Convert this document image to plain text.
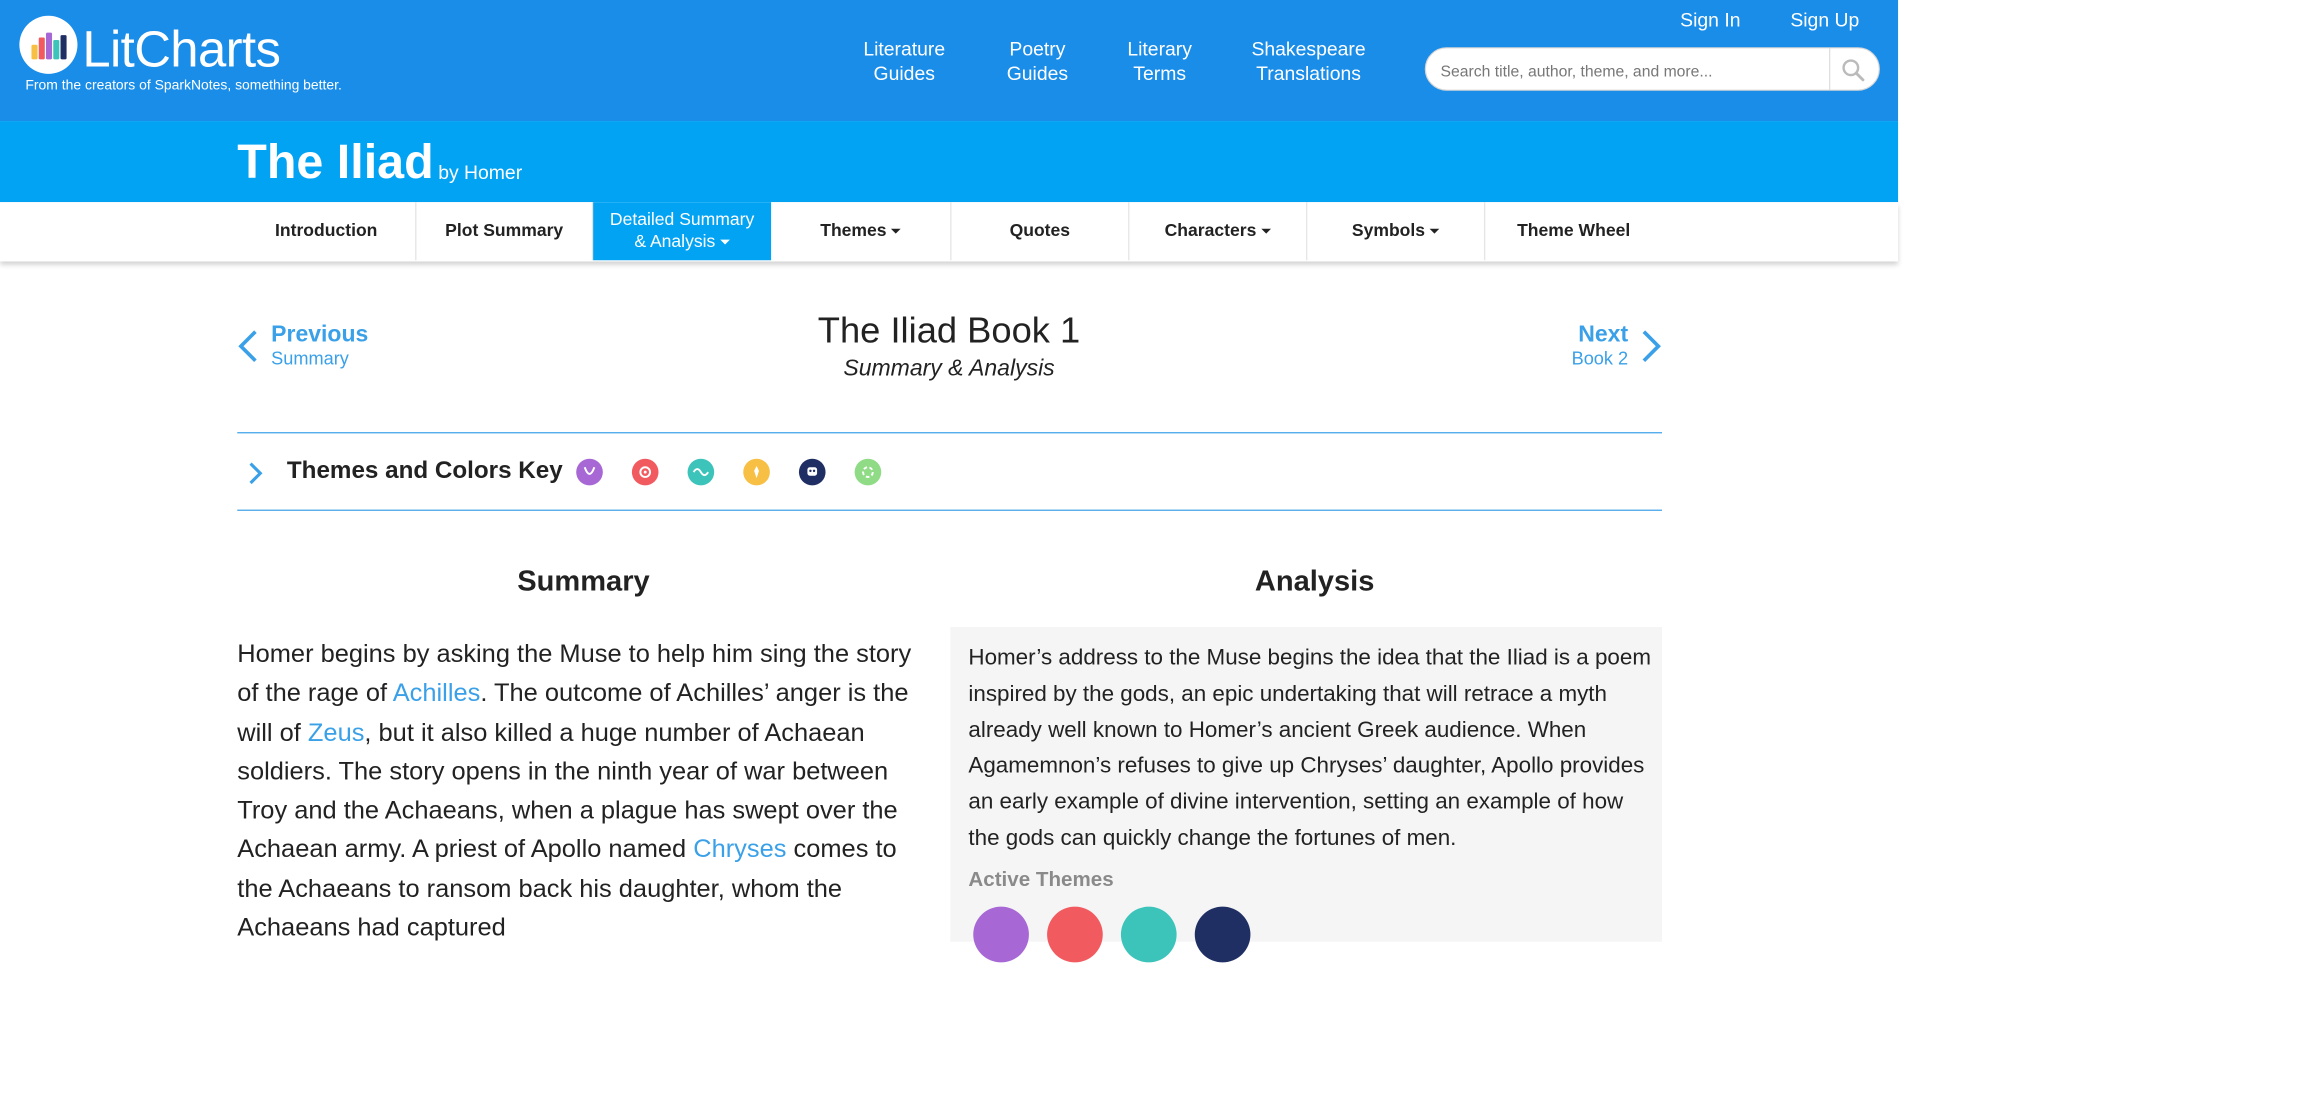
LitCharts
From the creators of SparkNotes, something better.
Literature
Guides
Poetry
Guides
Literary
Terms
Shakespeare
Translations
Sign In	Sign Up
Search title, author, theme, and more...
The Iliad by Homer
Introduction	Plot Summary
Detailed Summary
& Analysis
Themes	Quotes	Characters	Symbols	Theme Wheel
Previous
Summary
The Iliad Book 1
Summary & Analysis
Next
Book 2
Themes and Colors Key
Summary	Analysis
Homer begins by asking the Muse to help him sing the story of the rage of Achilles. The outcome of Achilles’ anger is the will of Zeus, but it also killed a huge number of Achaean soldiers. The story opens in the ninth year of war between Troy and the Achaeans, when a plague has swept over the Achaean army. A priest of Apollo named Chryses comes to the Achaeans to ransom back his daughter, whom the Achaeans had captured
Homer’s address to the Muse begins the idea that the Iliad is a poem inspired by the gods, an epic undertaking that will retrace a myth already well known to Homer’s ancient Greek audience. When Agamemnon’s refuses to give up Chryses’ daughter, Apollo provides an early example of divine intervention, setting an example of how the gods can quickly change the fortunes of men.
Active Themes
